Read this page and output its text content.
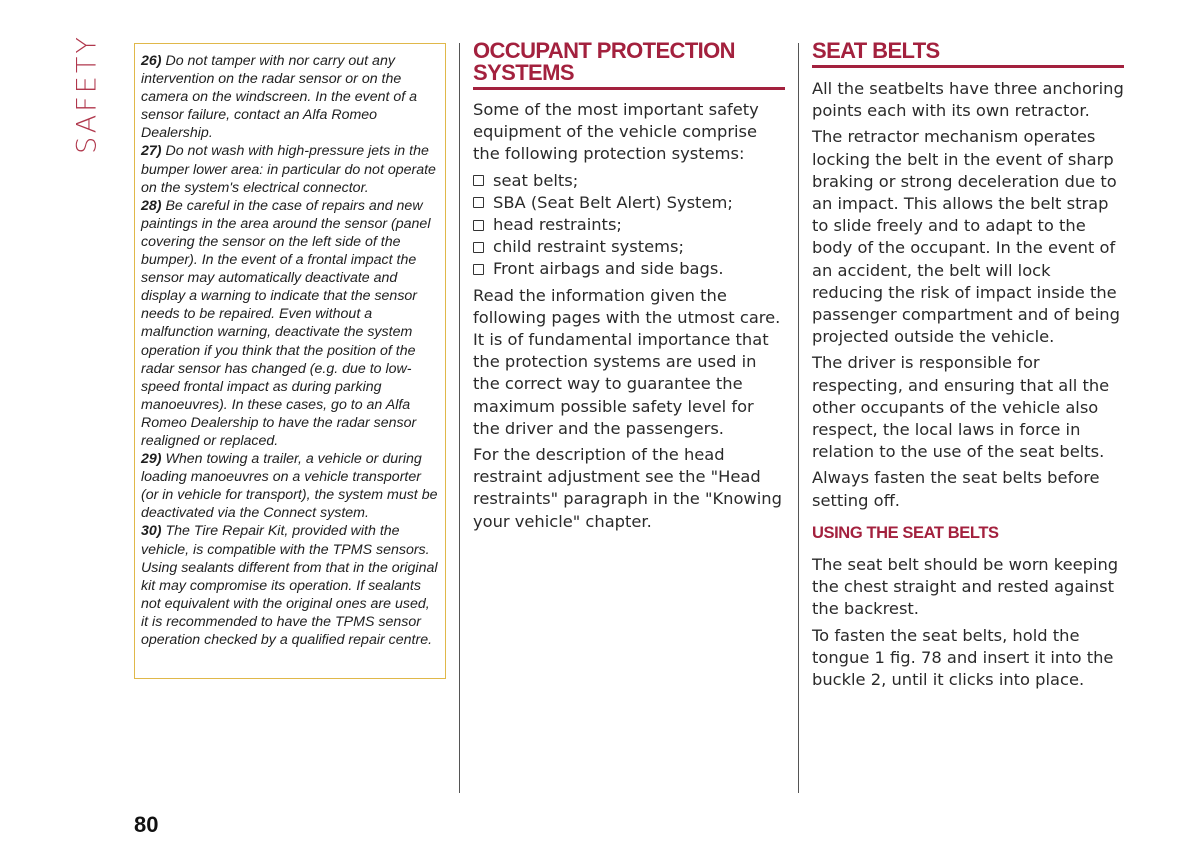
SAFETY	26) Do not tamper with nor carry out any intervention on the radar sensor or on the camera on the windscreen. In the event of a sensor failure, contact an Alfa Romeo Dealership.

27) Do not wash with high-pressure jets in the bumper lower area: in particular do not operate on the system's electrical connector.

28) Be careful in the case of repairs and new paintings in the area around the sensor (panel covering the sensor on the left side of the bumper). In the event of a frontal impact the sensor may automatically deactivate and display a warning to indicate that the sensor needs to be repaired. Even without a malfunction warning, deactivate the system operation if you think that the position of the radar sensor has changed (e.g. due to low-speed frontal impact as during parking manoeuvres). In these cases, go to an Alfa Romeo Dealership to have the radar sensor realigned or replaced.

29) When towing a trailer, a vehicle or during loading manoeuvres on a vehicle transporter (or in vehicle for transport), the system must be deactivated via the Connect system.

30) The Tire Repair Kit, provided with the vehicle, is compatible with the TPMS sensors. Using sealants different from that in the original kit may compromise its operation. If sealants not equivalent with the original ones are used, it is recommended to have the TPMS sensor operation checked by a qualified repair centre.

OCCUPANT PROTECTION SYSTEMS

Some of the most important safety equipment of the vehicle comprise the following protection systems:

seat belts;
SBA (Seat Belt Alert) System;
head restraints;
child restraint systems;
Front airbags and side bags.

Read the information given the following pages with the utmost care. It is of fundamental importance that the protection systems are used in the correct way to guarantee the maximum possible safety level for the driver and the passengers.

For the description of the head restraint adjustment see the "Head restraints" paragraph in the "Knowing your vehicle" chapter.

SEAT BELTS

All the seatbelts have three anchoring points each with its own retractor.

The retractor mechanism operates locking the belt in the event of sharp braking or strong deceleration due to an impact. This allows the belt strap to slide freely and to adapt to the body of the occupant. In the event of an accident, the belt will lock reducing the risk of impact inside the passenger compartment and of being projected outside the vehicle.

The driver is responsible for respecting, and ensuring that all the other occupants of the vehicle also respect, the local laws in force in relation to the use of the seat belts.

Always fasten the seat belts before setting off.

USING THE SEAT BELTS

The seat belt should be worn keeping the chest straight and rested against the backrest.

To fasten the seat belts, hold the tongue 1 fig. 78 and insert it into the buckle 2, until it clicks into place.

80
